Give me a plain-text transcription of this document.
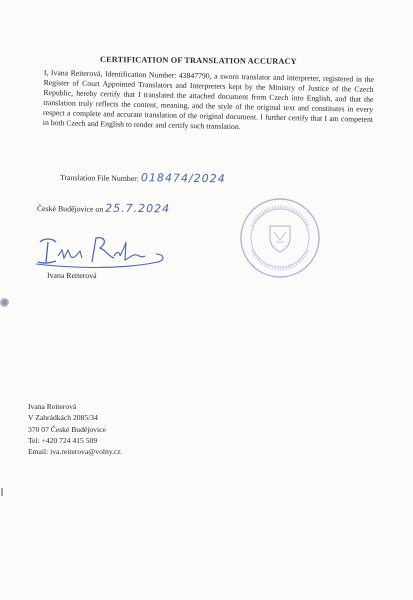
CERTIFICATION OF TRANSLATION ACCURACY
I, Ivana Reiterová, Identification Number: 43847790, a sworn translator and interpreter, registered in the Register of Court Appointed Translators and Interpreters kept by the Ministry of Justice of the Czech Republic, hereby certify that I translated the attached document from Czech into English, and that the translation truly reflects the content, meaning, and the style of the original text and constitutes in every respect a complete and accurate translation of the original document. I further certify that I am competent in both Czech and English to render and certify such translation.
Translation File Number: 018474/2024
České Budějovice on 25.7.2024
Ivana Reiterová
Ivana Reiterová
V Zahrádkách 2085/34
370 07 České Budějovice
Tel: +420 724 415 509
Email: iva.reiterova@volny.cz
